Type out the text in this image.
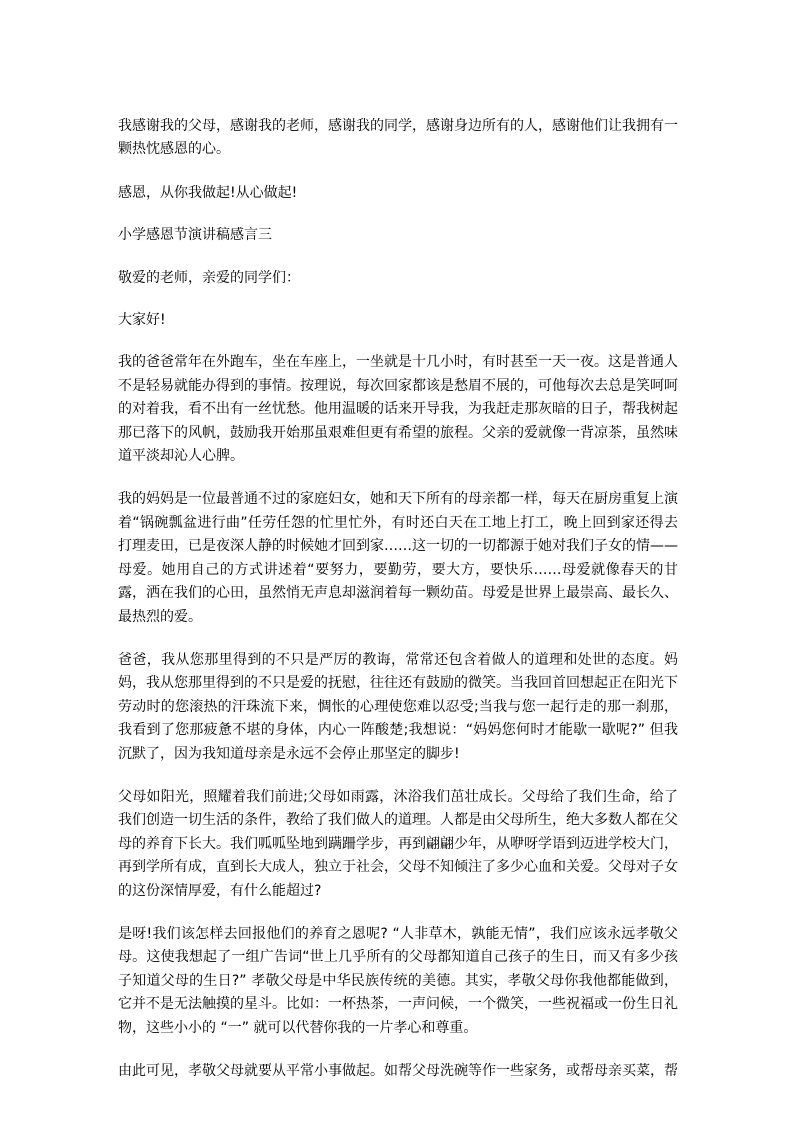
我感谢我的父母，感谢我的老师，感谢我的同学，感谢身边所有的人，感谢他们让我拥有一颗热忱感恩的心。

感恩，从你我做起!从心做起!

小学感恩节演讲稿感言三

敬爱的老师，亲爱的同学们：

大家好!

我的爸爸常年在外跑车，坐在车座上，一坐就是十几小时，有时甚至一天一夜。这是普通人不是轻易就能办得到的事情。按理说，每次回家都该是愁眉不展的，可他每次去总是笑呵呵的对着我，看不出有一丝忧愁。他用温暖的话来开导我，为我赶走那灰暗的日子，帮我树起那已落下的风帆，鼓励我开始那虽艰难但更有希望的旅程。父亲的爱就像一背凉茶，虽然味道平淡却沁人心脾。

我的妈妈是一位最普通不过的家庭妇女，她和天下所有的母亲都一样，每天在厨房重复上演着“锅碗瓢盆进行曲”任劳任怨的忙里忙外，有时还白天在工地上打工，晚上回到家还得去打理麦田，已是夜深人静的时候她才回到家……这一切的一切都源于她对我们子女的情——母爱。她用自己的方式讲述着“要努力，要勤劳，要大方，要快乐……母爱就像春天的甘露，洒在我们的心田，虽然悄无声息却滋润着每一颗幼苗。母爱是世界上最崇高、最长久、最热烈的爱。

爸爸，我从您那里得到的不只是严厉的教诲，常常还包含着做人的道理和处世的态度。妈妈，我从您那里得到的不只是爱的抚慰，往往还有鼓励的微笑。当我回首回想起正在阳光下劳动时的您滚热的汗珠流下来，惆怅的心理使您难以忍受;当我与您一起行走的那一刹那，我看到了您那疲惫不堪的身体，内心一阵酸楚;我想说：“妈妈您何时才能歇一歇呢?” 但我沉默了，因为我知道母亲是永远不会停止那坚定的脚步!

父母如阳光，照耀着我们前进;父母如雨露，沐浴我们茁壮成长。父母给了我们生命，给了我们创造一切生活的条件，教给了我们做人的道理。人都是由父母所生，绝大多数人都在父母的养育下长大。我们呱呱坠地到蹒跚学步，再到翩翩少年，从咿呀学语到迈进学校大门，再到学所有成，直到长大成人，独立于社会，父母不知倾注了多少心血和关爱。父母对子女的这份深情厚爱，有什么能超过?

是呀!我们该怎样去回报他们的养育之恩呢? “人非草木，孰能无情”，我们应该永远孝敬父母。这使我想起了一组广告词“世上几乎所有的父母都知道自己孩子的生日，而又有多少孩子知道父母的生日?” 孝敬父母是中华民族传统的美德。其实，孝敬父母你我他都能做到，它并不是无法触摸的星斗。比如：一杯热茶，一声问候，一个微笑，一些祝福或一份生日礼物，这些小小的 “一” 就可以代替你我的一片孝心和尊重。

由此可见，孝敬父母就要从平常小事做起。如帮父母洗碗等作一些家务，或帮母亲买菜，帮
